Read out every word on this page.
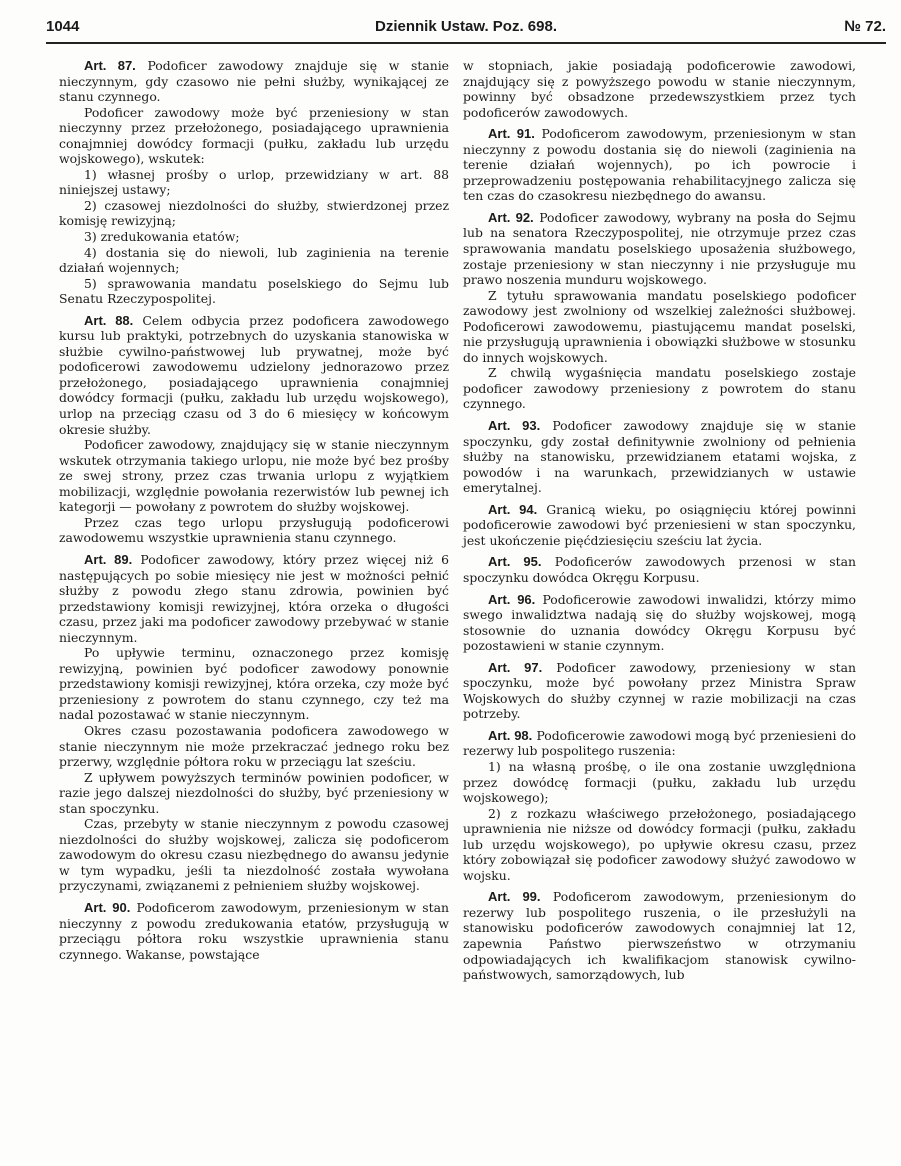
1044	Dziennik Ustaw. Poz. 698.	№ 72.

Art. 87. Podoficer zawodowy znajduje się w stanie nieczynnym, gdy czasowo nie pełni służby, wynikającej ze stanu czynnego.

Podoficer zawodowy może być przeniesiony w stan nieczynny przez przełożonego, posiadającego uprawnienia conajmniej dowódcy formacji (pułku, zakładu lub urzędu wojskowego), wskutek:

1) własnej prośby o urlop, przewidziany w art. 88 niniejszej ustawy;

2) czasowej niezdolności do służby, stwierdzonej przez komisję rewizyjną;

3) zredukowania etatów;

4) dostania się do niewoli, lub zaginienia na terenie działań wojennych;

5) sprawowania mandatu poselskiego do Sejmu lub Senatu Rzeczypospolitej.

Art. 88. Celem odbycia przez podoficera zawodowego kursu lub praktyki, potrzebnych do uzyskania stanowiska w służbie cywilno-państwowej lub prywatnej, może być podoficerowi zawodowemu udzielony jednorazowo przez przełożonego, posiadającego uprawnienia conajmniej dowódcy formacji (pułku, zakładu lub urzędu wojskowego), urlop na przeciąg czasu od 3 do 6 miesięcy w końcowym okresie służby.

Podoficer zawodowy, znajdujący się w stanie nieczynnym wskutek otrzymania takiego urlopu, nie może być bez prośby ze swej strony, przez czas trwania urlopu z wyjątkiem mobilizacji, względnie powołania rezerwistów lub pewnej ich kategorji — powołany z powrotem do służby wojskowej.

Przez czas tego urlopu przysługują podoficerowi zawodowemu wszystkie uprawnienia stanu czynnego.

Art. 89. Podoficer zawodowy, który przez więcej niż 6 następujących po sobie miesięcy nie jest w możności pełnić służby z powodu złego stanu zdrowia, powinien być przedstawiony komisji rewizyjnej, która orzeka o długości czasu, przez jaki ma podoficer zawodowy przebywać w stanie nieczynnym.

Po upływie terminu, oznaczonego przez komisję rewizyjną, powinien być podoficer zawodowy ponownie przedstawiony komisji rewizyjnej, która orzeka, czy może być przeniesiony z powrotem do stanu czynnego, czy też ma nadal pozostawać w stanie nieczynnym.

Okres czasu pozostawania podoficera zawodowego w stanie nieczynnym nie może przekraczać jednego roku bez przerwy, względnie półtora roku w przeciągu lat sześciu.

Z upływem powyższych terminów powinien podoficer, w razie jego dalszej niezdolności do służby, być przeniesiony w stan spoczynku.

Czas, przebyty w stanie nieczynnym z powodu czasowej niezdolności do służby wojskowej, zalicza się podoficerom zawodowym do okresu czasu niezbędnego do awansu jedynie w tym wypadku, jeśli ta niezdolność została wywołana przyczynami, związanemi z pełnieniem służby wojskowej.

Art. 90. Podoficerom zawodowym, przeniesionym w stan nieczynny z powodu zredukowania etatów, przysługują w przeciągu półtora roku wszystkie uprawnienia stanu czynnego. Wakanse, powstające

w stopniach, jakie posiadają podoficerowie zawodowi, znajdujący się z powyższego powodu w stanie nieczynnym, powinny być obsadzone przedewszystkiem przez tych podoficerów zawodowych.

Art. 91. Podoficerom zawodowym, przeniesionym w stan nieczynny z powodu dostania się do niewoli (zaginienia na terenie działań wojennych), po ich powrocie i przeprowadzeniu postępowania rehabilitacyjnego zalicza się ten czas do czasokresu niezbędnego do awansu.

Art. 92. Podoficer zawodowy, wybrany na posła do Sejmu lub na senatora Rzeczypospolitej, nie otrzymuje przez czas sprawowania mandatu poselskiego uposażenia służbowego, zostaje przeniesiony w stan nieczynny i nie przysługuje mu prawo noszenia munduru wojskowego.

Z tytułu sprawowania mandatu poselskiego podoficer zawodowy jest zwolniony od wszelkiej zależności służbowej. Podoficerowi zawodowemu, piastującemu mandat poselski, nie przysługują uprawnienia i obowiązki służbowe w stosunku do innych wojskowych.

Z chwilą wygaśnięcia mandatu poselskiego zostaje podoficer zawodowy przeniesiony z powrotem do stanu czynnego.

Art. 93. Podoficer zawodowy znajduje się w stanie spoczynku, gdy został definitywnie zwolniony od pełnienia służby na stanowisku, przewidzianem etatami wojska, z powodów i na warunkach, przewidzianych w ustawie emerytalnej.

Art. 94. Granicą wieku, po osiągnięciu której powinni podoficerowie zawodowi być przeniesieni w stan spoczynku, jest ukończenie pięćdziesięciu sześciu lat życia.

Art. 95. Podoficerów zawodowych przenosi w stan spoczynku dowódca Okręgu Korpusu.

Art. 96. Podoficerowie zawodowi inwalidzi, którzy mimo swego inwalidztwa nadają się do służby wojskowej, mogą stosownie do uznania dowódcy Okręgu Korpusu być pozostawieni w stanie czynnym.

Art. 97. Podoficer zawodowy, przeniesiony w stan spoczynku, może być powołany przez Ministra Spraw Wojskowych do służby czynnej w razie mobilizacji na czas potrzeby.

Art. 98. Podoficerowie zawodowi mogą być przeniesieni do rezerwy lub pospolitego ruszenia:

1) na własną prośbę, o ile ona zostanie uwzględniona przez dowódcę formacji (pułku, zakładu lub urzędu wojskowego);

2) z rozkazu właściwego przełożonego, posiadającego uprawnienia nie niższe od dowódcy formacji (pułku, zakładu lub urzędu wojskowego), po upływie okresu czasu, przez który zobowiązał się podoficer zawodowy służyć zawodowo w wojsku.

Art. 99. Podoficerom zawodowym, przeniesionym do rezerwy lub pospolitego ruszenia, o ile przesłużyli na stanowisku podoficerów zawodowych conajmniej lat 12, zapewnia Państwo pierwszeństwo w otrzymaniu odpowiadających ich kwalifikacjom stanowisk cywilno-państwowych, samorządowych, lub
